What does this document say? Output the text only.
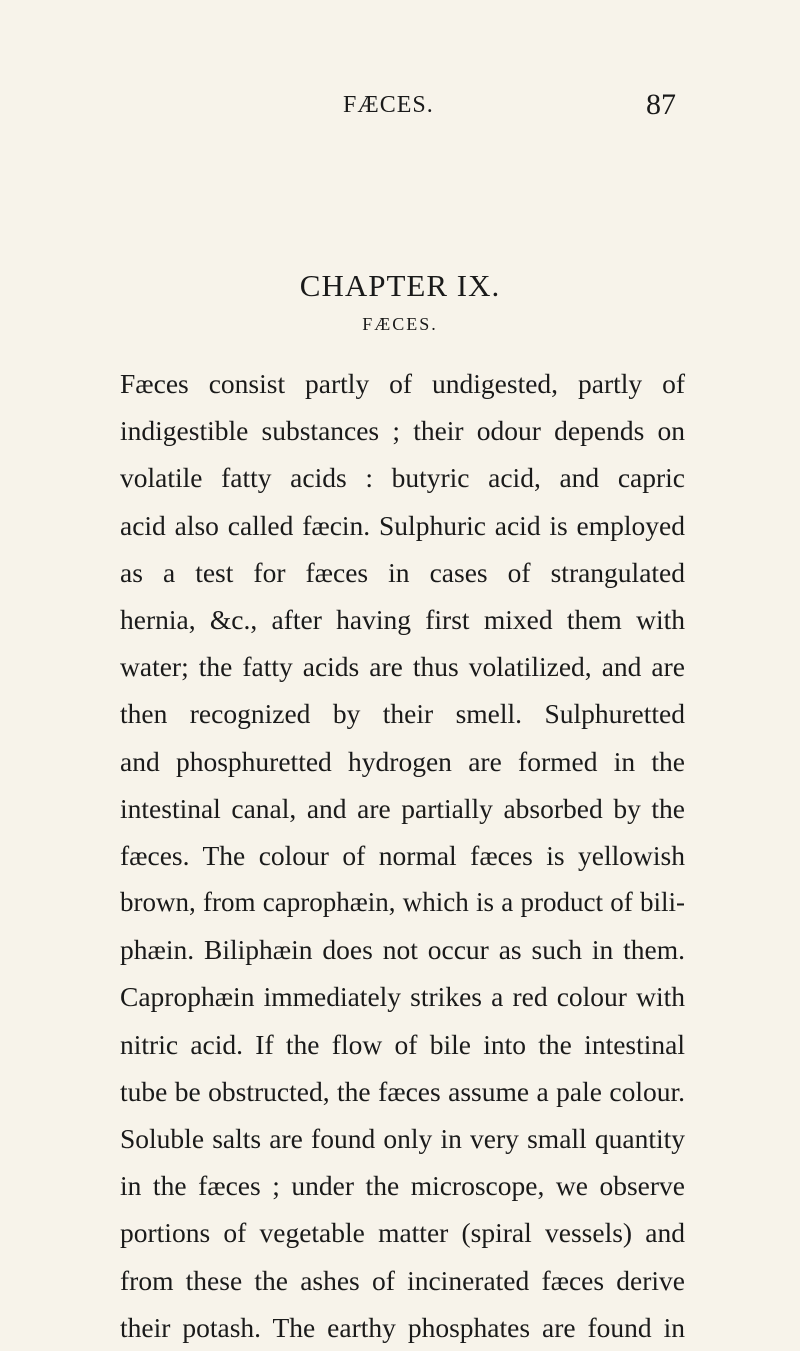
FÆCES.	87
CHAPTER IX.
FÆCES.
Fæces consist partly of undigested, partly of
indigestible substances ; their odour depends on
volatile fatty acids : butyric acid, and capric
acid also called fæcin. Sulphuric acid is employed
as a test for fæces in cases of strangulated
hernia, &c., after having first mixed them with
water; the fatty acids are thus volatilized, and are
then recognized by their smell. Sulphuretted
and phosphuretted hydrogen are formed in the
intestinal canal, and are partially absorbed by the
fæces. The colour of normal fæces is yellowish
brown, from caprophæin, which is a product of bili-
phæin. Biliphæin does not occur as such in them.
Caprophæin immediately strikes a red colour with
nitric acid. If the flow of bile into the intestinal
tube be obstructed, the fæces assume a pale colour.
Soluble salts are found only in very small quantity
in the fæces ; under the microscope, we observe
portions of vegetable matter (spiral vessels) and
from these the ashes of incinerated fæces derive
their potash. The earthy phosphates are found in
